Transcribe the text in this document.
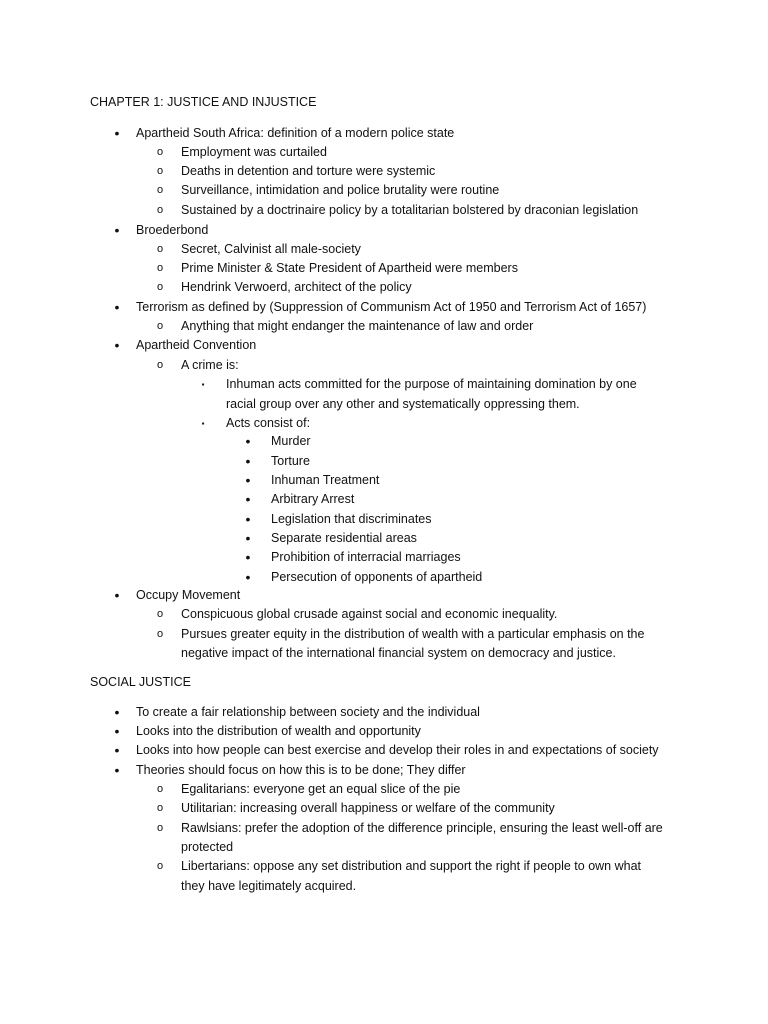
CHAPTER 1: JUSTICE AND INJUSTICE
•	Apartheid South Africa: definition of a modern police state
o	Employment was curtailed
o	Deaths in detention and torture were systemic
o	Surveillance, intimidation and police brutality were routine
o	Sustained by a doctrinaire policy by a totalitarian bolstered by draconian legislation
•	Broederbond
o	Secret, Calvinist all male-society
o	Prime Minister & State President of Apartheid were members
o	Hendrink Verwoerd, architect of the policy
•	Terrorism as defined by (Suppression of Communism Act of 1950 and Terrorism Act of 1657)
o	Anything that might endanger the maintenance of law and order
•	Apartheid Convention
o	A crime is:
▪	Inhuman acts committed for the purpose of maintaining domination by one
racial group over any other and systematically oppressing them.
▪	Acts consist of:
•	Murder
•	Torture
•	Inhuman Treatment
•	Arbitrary Arrest
•	Legislation that discriminates
•	Separate residential areas
•	Prohibition of interracial marriages
•	Persecution of opponents of apartheid
•	Occupy Movement
o	Conspicuous global crusade against social and economic inequality.
o	Pursues greater equity in the distribution of wealth with a particular emphasis on the
negative impact of the international financial system on democracy and justice.
SOCIAL JUSTICE
•	To create a fair relationship between society and the individual
•	Looks into the distribution of wealth and opportunity
•	Looks into how people can best exercise and develop their roles in and expectations of society
•	Theories should focus on how this is to be done; They differ
o	Egalitarians: everyone get an equal slice of the pie
o	Utilitarian: increasing overall happiness or welfare of the community
o	Rawlsians: prefer the adoption of the difference principle, ensuring the least well-off are
protected
o	Libertarians: oppose any set distribution and support the right if people to own what
they have legitimately acquired.
